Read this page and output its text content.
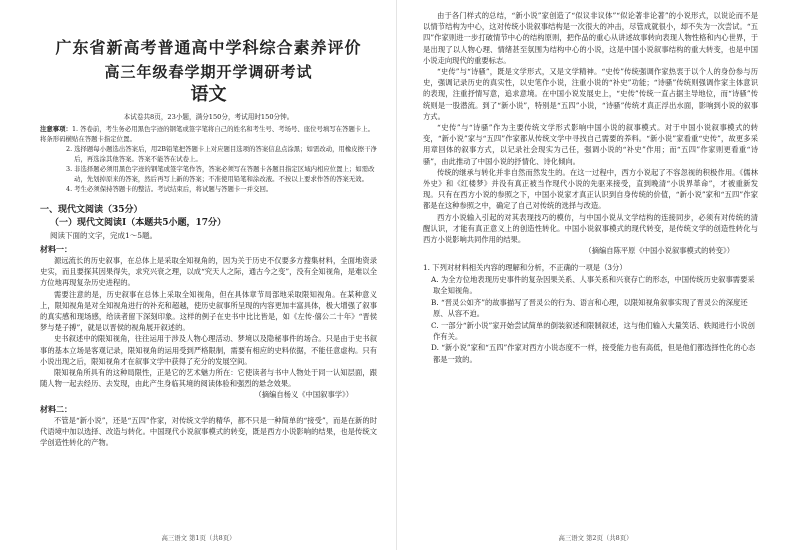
广东省新高考普通高中学科综合素养评价
高三年级春学期开学调研考试
语文
本试卷共8页，23小题，满分150分，考试用时150分钟。
注意事项：1. 答卷前，考生务必用黑色字迹的钢笔或签字笔将自己的姓名和考生号、考场号、座位号填写在答题卡上。将条形码横贴在答题卡指定位置。
2. 选择题每小题选出答案后，用2B铅笔把答题卡上对应题目选项的答案信息点涂黑；如需改动，用橡皮擦干净后，再选涂其他答案。答案不能答在试卷上。
3. 非选择题必须用黑色字迹的钢笔或签字笔作答，答案必须写在答题卡各题目指定区域内相应位置上；如需改动，先划掉原来的答案，然后再写上新的答案；不准使用铅笔和涂改液。不按以上要求作答的答案无效。
4. 考生必须保持答题卡的整洁。考试结束后，将试题与答题卡一并交回。
一、现代文阅读（35分）
（一）现代文阅读Ⅰ（本题共5小题，17分）
阅读下面的文字，完成1～5题。
材料一：

源远流长的历史叙事，在总体上是采取全知视角的，因为关于历史不仅要多方搜集材料，全面地资录史实，而且要探其因果得失，求究兴衰之理，以成“究天人之际，通古今之变”，没有全知视角，是难以全方位地再现复杂历史进程的。

需要注意的是，历史叙事在总体上采取全知视角，但在具体章节局部地采取限知视角。在某种意义上，限知视角是对全知视角进行的补充和超越，使历史叙事所呈现的内容更加丰富具体，极大增强了叙事的真实感和现场感，给读者留下深刻印象。这样的例子在史书中比比皆是，如《左传·僖公二十年》“晋侯梦与楚子搏”，就是以晋侯的视角展开叙述的。

史书叙述中的限知视角，往往运用于涉及人物心理活动、梦境以及隐秘事件的场合。只是由于史书叙事的基本立场是客观记录，限知视角的运用受到严格限制，需要有相应的史料依据，不能任意虚构。只有小说出现之后，限知视角才在叙事文学中获得了充分的发展空间。

限知视角所具有的这种局限性，正是它的艺术魅力所在：它使读者与书中人物处于同一认知层面，跟随人物一起去经历、去发现，由此产生身临其境的阅读体验和强烈的悬念效果。

（摘编自杨义《中国叙事学》）
材料二：

不管是“新小说”，还是“五四”作家，对传统文学的精华，都不只是一种简单的“接受”，而是在新的时代语境中加以选择、改造与转化。中国现代小说叙事模式的转变，既是西方小说影响的结果，也是传统文学创造性转化的产物。

高三语文 第1页（共8页）

由于各门样式的总结，“新小说”家创造了“似议非议体”“似论著非论著”的小说形式，以说论而不是以情节结构为中心，这对传统小说叙事结构是一次很大的冲击，尽管成就很小，却不失为一次尝试。“五四”作家则进一步打破情节中心的结构原则，把作品的重心从讲述故事转向表现人物性格和内心世界，于是出现了以人物心理、情绪甚至氛围为结构中心的小说，这是中国小说叙事结构的重大转变，也是中国小说走向现代的重要标志。

“史传”与“诗骚”，既是文学形式，又是文学精神。“史传”传统强调作家热衷于以个人的身份参与历史，强调记录历史的真实性，以史笔作小说，注重小说的“补史”功能；“诗骚”传统则强调作家主体意识的表现，注重抒情写意，追求意境。在中国小说发展史上，“史传”传统一直占据主导地位，而“诗骚”传统则是一股潜流。到了“新小说”，特别是“五四”小说，“诗骚”传统才真正浮出水面，影响到小说的叙事方式。

“史传”与“诗骚”作为主要传统文学形式影响中国小说的叙事模式。对于中国小说叙事模式的转变，“新小说”家与“五四”作家都从传统文学中寻找自己需要的养料。“新小说”家看重“史传”，故更多采用章回体的叙事方式，以记录社会现实为己任，强调小说的“补史”作用；而“五四”作家则更看重“诗骚”，由此推动了中国小说的抒情化、诗化倾向。

传统的继承与转化并非自然而然发生的。在这一过程中，西方小说起了不容忽视的积极作用。《儒林外史》和《红楼梦》并没有真正被当作现代小说的先驱来接受，直到晚清“小说界革命”，才被重新发现。只有在西方小说的参照之下，中国小说家才真正认识到自身传统的价值，“新小说”家和“五四”作家都是在这种参照之中，确定了自己对传统的选择与改造。

西方小说输入引起的对其表现技巧的模仿，与中国小说从文学结构的连接同步，必须有对传统的清醒认识，才能有真正意义上的创造性转化。中国小说叙事模式的现代转变，是传统文学的创造性转化与西方小说影响共同作用的结果。

（摘编自陈平原《中国小说叙事模式的转变》）

1. 下列对材料相关内容的理解和分析，不正确的一项是（3分）

A. 为全方位地表现历史事件的复杂因果关系、人事关系和兴衰存亡的形态，中国传统历史叙事需要采取全知视角。

B. “晋灵公如齐”的故事描写了晋灵公的行为、语言和心理，以限知视角叙事实现了晋灵公的深度还原、从容不迫。

C. 一部分“新小说”家开始尝试简单的倒装叙述和限制叙述，这与他们输入大量笑话、轶闻进行小说创作有关。

D. “新小说”家和“五四”作家对西方小说态度不一样，接受能力也有高低，但是他们都选择性化的心态都是一致的。

高三语文 第2页（共8页）
